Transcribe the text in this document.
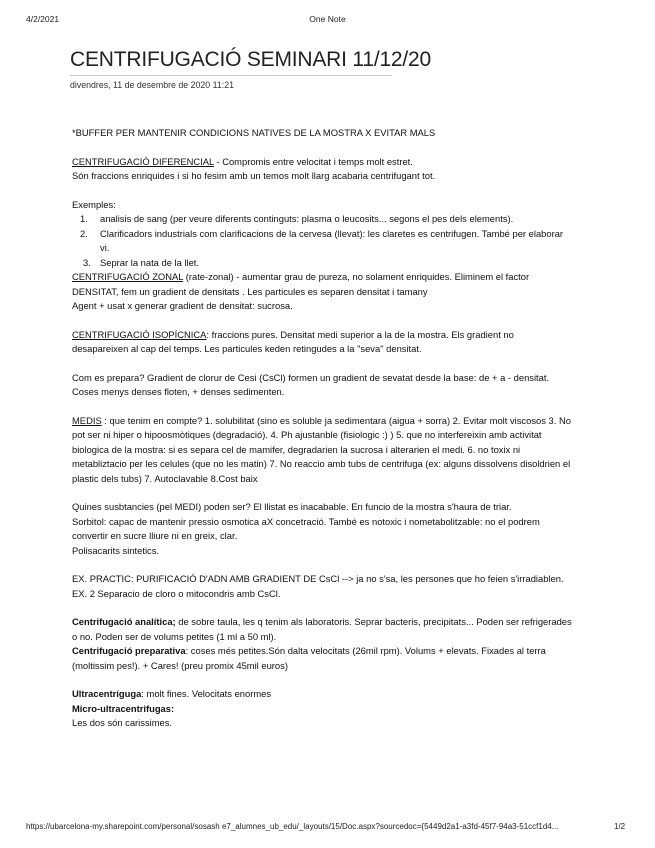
4/2/2021	One Note
CENTRIFUGACIÓ SEMINARI 11/12/20
divendres, 11 de desembre de 2020 11:21

*BUFFER PER MANTENIR CONDICIONS NATIVES DE LA MOSTRA X EVITAR MALS

CENTRIFUGACIÓ DIFERENCIAL - Compromis entre velocitat i temps molt estret.

Són fraccions enriquides i si ho fesim amb un temos molt llarg acabaria centrifugant tot.

Exemples:

1. analisis de sang (per veure diferents continguts: plasma o leucosits... segons el pes dels elements).
2. Clarificadors industrials com clarificacions de la cervesa (llevat): les claretes es centrifugen. També per elaborar vi.
3. Seprar la nata de la llet.

CENTRIFUGACIÓ ZONAL (rate-zonal) - aumentar grau de pureza, no solament enriquides. Eliminem el factor DENSITAT, fem un gradient de densitats . Les particules es separen densitat i tamany

Agent + usat x generar gradient de densitat: sucrosa.

CENTRIFUGACIÓ ISOPÍCNICA: fraccions pures. Densitat medi superior a la de la mostra. Els gradient no desapareixen al cap del temps. Les particules keden retingudes a la "seva" densitat.

Com es prepara? Gradient de clorur de Cesi (CsCl) formen un gradient de sevatat desde la base: de + a - densitat. Coses menys denses floten, + denses sedimenten.

MEDIS : que tenim en compte? 1. solubilitat (sino es soluble ja sedimentara (aigua + sorra) 2. Evitar molt viscosos 3. No pot ser ni hiper o hipoosmòtiques (degradació). 4. Ph ajustanble (fisiologic :) ) 5. que no interfereixin amb activitat biologica de la mostra: si es separa cel de mamifer, degradarien la sucrosa i alterarien el medi. 6. no toxix ni metabliztacio per les celules (que no les matin) 7. No reaccio amb tubs de centrifuga (ex: alguns dissolvens disoldrien el plastic dels tubs) 7. Autoclavable 8.Cost baix

Quines susbtancies (pel MEDI) poden ser? El llistat es inacabable. En funcio de la mostra s'haura de triar.

Sorbitol: capac de mantenir pressio osmotica aX concetració. També es notoxic i nometabolitzable: no el podrem convertir en sucre lliure ni en greix, clar.

Polisacarits sintetics.

EX. PRACTIC: PURIFICACIÓ D'ADN AMB GRADIENT DE CsCl --> ja no s'sa, les persones que ho feien s'irradiablen.

EX. 2 Separacio de cloro o mitocondris amb CsCl.

Centrifugació analítica; de sobre taula, les q tenim als laboratoris. Seprar bacteris, precipitats... Poden ser refrigerades o no. Poden ser de volums petites (1 ml a 50 ml).

Centrifugació preparativa: coses més petites.Són dalta velocitats (26mil rpm). Volums + elevats. Fixades al terra (moltissim pes!). + Cares! (preu promix 45mil euros)

Ultracentríguga: molt fines. Velocitats enormes

Micro-ultracentrifugas:

Les dos són carissimes.

https://ubarcelona-my.sharepoint.com/personal/sosash e7_alumnes_ub_edu/_layouts/15/Doc.aspx?sourcedoc={5449d2a1-a3fd-45f7-94a3-51ccf1d4...	1/2
